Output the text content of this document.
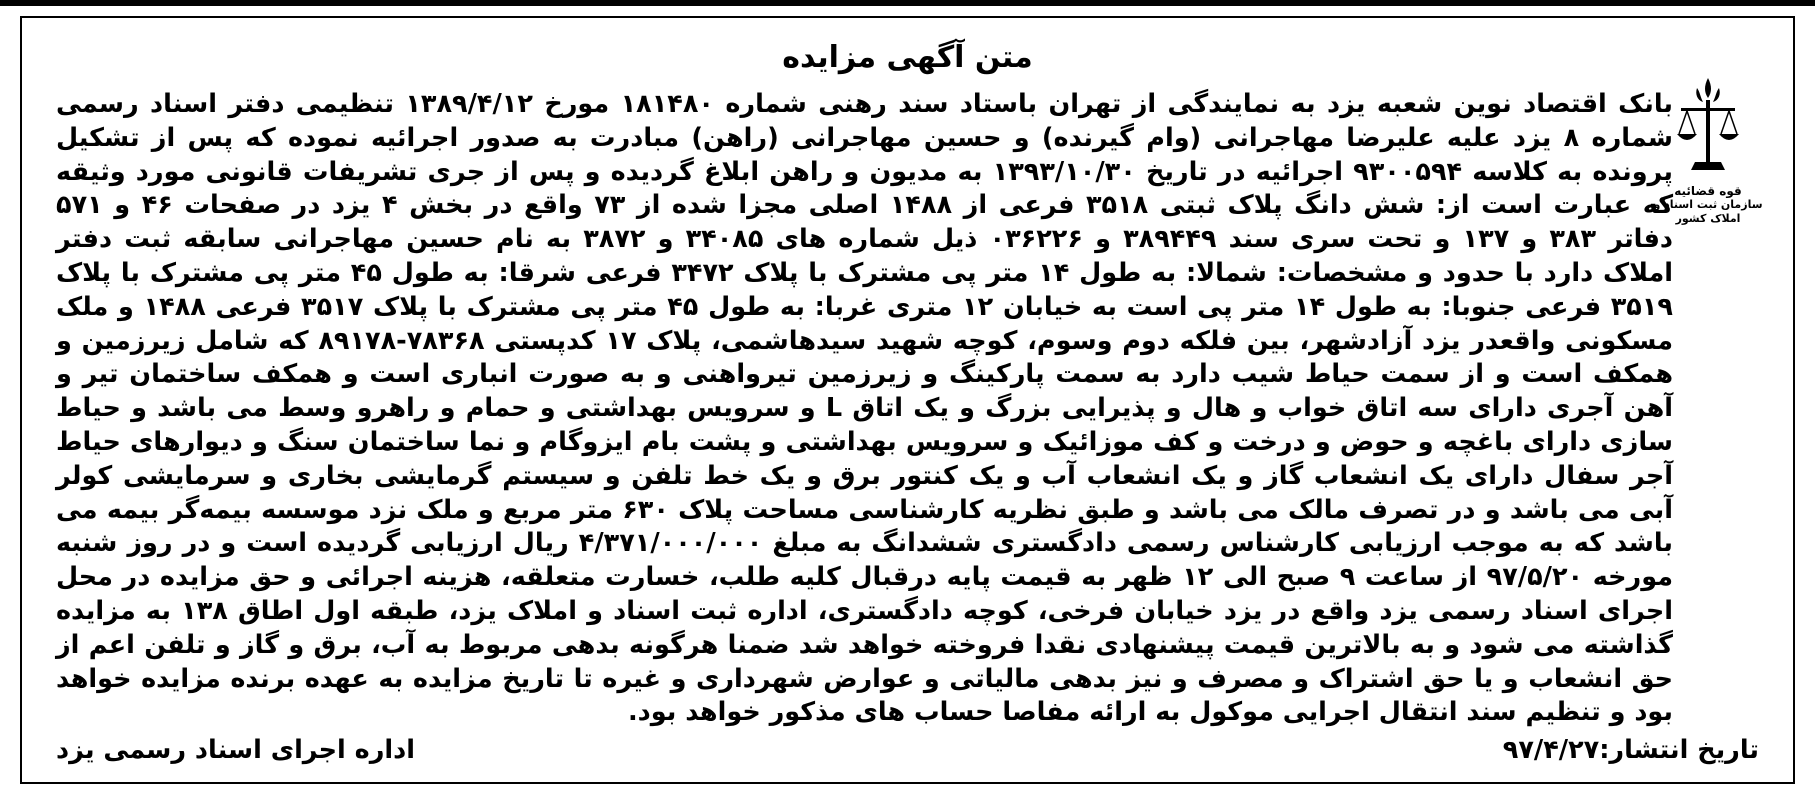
قوه قضائیه
سازمان ثبت اسناد و املاک کشور
متن آگهی مزایده
بانک اقتصاد نوین شعبه یزد به نمایندگی از تهران باستاد سند رهنی شماره ۱۸۱۴۸۰ مورخ ۱۳۸۹/۴/۱۲ تنظیمی دفتر اسناد رسمی شماره ۸ یزد علیه علیرضا مهاجرانی (وام گیرنده) و حسین مهاجرانی (راهن) مبادرت به صدور اجرائیه نموده که پس از تشکیل پرونده به کلاسه ۹۳۰۰۵۹۴ اجرائیه در تاریخ ۱۳۹۳/۱۰/۳۰ به مدیون و راهن ابلاغ گردیده و پس از جری تشریفات قانونی مورد وثیقه که عبارت است از: شش دانگ پلاک ثبتی ۳۵۱۸ فرعی از ۱۴۸۸ اصلی مجزا شده از ۷۳ واقع در بخش ۴ یزد در صفحات ۴۶ و ۵۷۱ دفاتر ۳۸۳ و ۱۳۷ و تحت سری سند ۳۸۹۴۴۹ و ۰۳۶۲۲۶ ذیل شماره های ۳۴۰۸۵ و ۳۸۷۲ به نام حسین مهاجرانی سابقه ثبت دفتر املاک دارد با حدود و مشخصات: شمالا: به طول ۱۴ متر پی مشترک با پلاک ۳۴۷۲ فرعی شرقا: به طول ۴۵ متر پی مشترک با پلاک ۳۵۱۹ فرعی جنوبا: به طول ۱۴ متر پی است به خیابان ۱۲ متری غربا: به طول ۴۵ متر پی مشترک با پلاک ۳۵۱۷ فرعی ۱۴۸۸ و ملک مسکونی واقعدر یزد آزادشهر، بین فلکه دوم وسوم، کوچه شهید سیدهاشمی، پلاک ۱۷ کدپستی ۷۸۳۶۸-۸۹۱۷۸ که شامل زیرزمین و همکف است و از سمت حیاط شیب دارد به سمت پارکینگ و زیرزمین تیرواهنی و به صورت انباری است و همکف ساختمان تیر و آهن آجری دارای سه اتاق خواب و هال و پذیرایی بزرگ و یک اتاق L و سرویس بهداشتی و حمام و راهرو وسط می باشد و حیاط سازی دارای باغچه و حوض و درخت و کف موزائیک و سرویس بهداشتی و پشت بام ایزوگام و نما ساختمان سنگ و دیوارهای حیاط آجر سفال دارای یک انشعاب گاز و یک انشعاب آب و یک کنتور برق و یک خط تلفن و سیستم گرمایشی بخاری و سرمایشی کولر آبی می باشد و در تصرف مالک می باشد و طبق نظریه کارشناسی مساحت پلاک ۶۳۰ متر مربع و ملک نزد موسسه بیمه‌گر بیمه می باشد که به موجب ارزیابی کارشناس رسمی دادگستری ششدانگ به مبلغ ۴/۳۷۱/۰۰۰/۰۰۰ ریال ارزیابی گردیده است و در روز شنبه مورخه ۹۷/۵/۲۰ از ساعت ۹ صبح الی ۱۲ ظهر به قیمت پایه درقبال کلیه طلب، خسارت متعلقه، هزینه اجرائی و حق مزایده در محل اجرای اسناد رسمی یزد واقع در یزد خیابان فرخی، کوچه دادگستری، اداره ثبت اسناد و املاک یزد، طبقه اول اطاق ۱۳۸ به مزایده گذاشته می شود و به بالاترین قیمت پیشنهادی نقدا فروخته خواهد شد ضمنا هرگونه بدهی مربوط به آب، برق و گاز و تلفن اعم از حق انشعاب و یا حق اشتراک و مصرف و نیز بدهی مالیاتی و عوارض شهرداری و غیره تا تاریخ مزایده به عهده برنده مزایده خواهد بود و تنظیم سند انتقال اجرایی موکول به ارائه مفاصا حساب های مذکور خواهد بود.
تاریخ انتشار:۹۷/۴/۲۷
اداره اجرای اسناد رسمی یزد
